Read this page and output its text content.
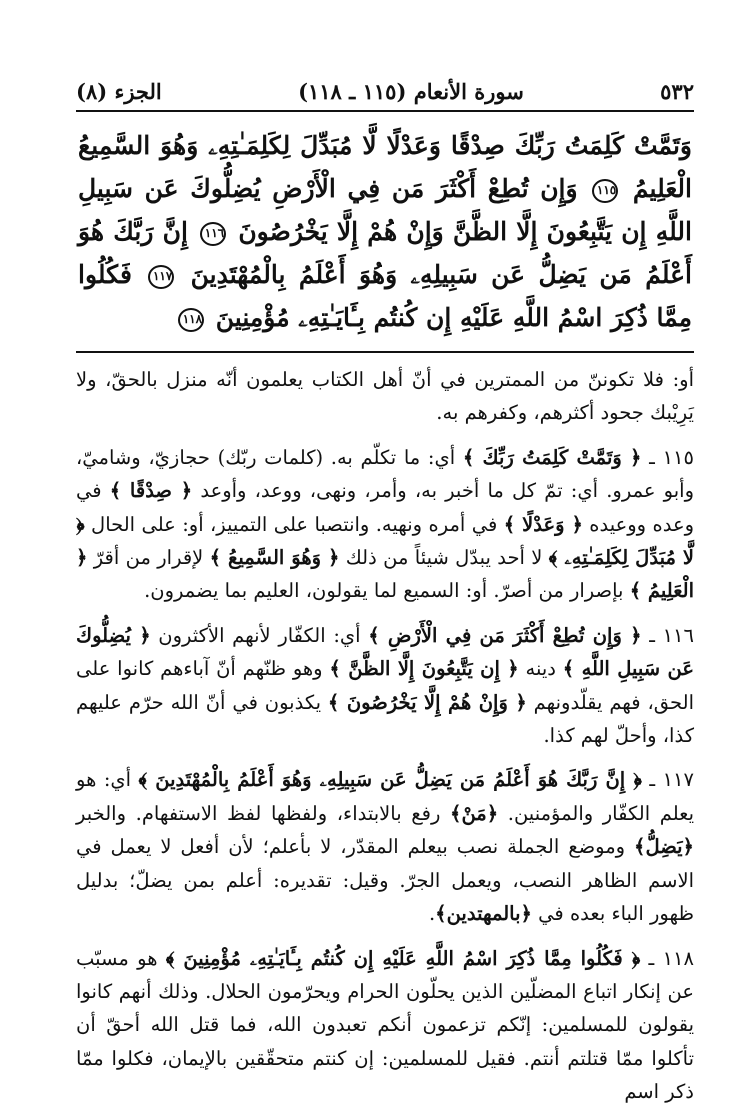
٥٣٢
سورة الأنعام (١١٥ ـ ١١٨)
الجزء (٨)
وَتَمَّتْ كَلِمَتُ رَبِّكَ صِدْقًا وَعَدْلًا لَّا مُبَدِّلَ لِكَلِمَـٰتِهِۦ وَهُوَ السَّمِيعُ الْعَلِيمُ ١١٥ وَإِن تُطِعْ أَكْثَرَ مَن فِي الْأَرْضِ يُضِلُّوكَ عَن سَبِيلِ اللَّهِ إِن يَتَّبِعُونَ إِلَّا الظَّنَّ وَإِنْ هُمْ إِلَّا يَخْرُصُونَ ١١٦ إِنَّ رَبَّكَ هُوَ أَعْلَمُ مَن يَضِلُّ عَن سَبِيلِهِۦ وَهُوَ أَعْلَمُ بِالْمُهْتَدِينَ ١١٧ فَكُلُوا مِمَّا ذُكِرَ اسْمُ اللَّهِ عَلَيْهِ إِن كُنتُم بِـَٔايَـٰتِهِۦ مُؤْمِنِينَ ١١٨

أو: فلا تكوننّ من الممترين في أنّ أهل الكتاب يعلمون أنّه منزل بالحقّ، ولا يَرِيْبك جحود أكثرهم، وكفرهم به.

١١٥ ـ ﴿ وَتَمَّتْ كَلِمَتُ رَبِّكَ ﴾ أي: ما تكلّم به. (كلمات ربّك) حجازيّ، وشاميّ، وأبو عمرو. أي: تمّ كل ما أخبر به، وأمر، ونهى، ووعد، وأوعد ﴿ صِدْقًا ﴾ في وعده ووعيده ﴿ وَعَدْلًا ﴾ في أمره ونهيه. وانتصبا على التمييز، أو: على الحال ﴿ لَّا مُبَدِّلَ لِكَلِمَـٰتِهِۦ ﴾ لا أحد يبدّل شيئاً من ذلك ﴿ وَهُوَ السَّمِيعُ ﴾ لإقرار من أقرّ ﴿ الْعَلِيمُ ﴾ بإصرار من أصرّ. أو: السميع لما يقولون، العليم بما يضمرون.

١١٦ ـ ﴿ وَإِن تُطِعْ أَكْثَرَ مَن فِي الْأَرْضِ ﴾ أي: الكفّار لأنهم الأكثرون ﴿ يُضِلُّوكَ عَن سَبِيلِ اللَّهِ ﴾ دينه ﴿ إِن يَتَّبِعُونَ إِلَّا الظَّنَّ ﴾ وهو ظنّهم أنّ آباءهم كانوا على الحق، فهم يقلّدونهم ﴿ وَإِنْ هُمْ إِلَّا يَخْرُصُونَ ﴾ يكذبون في أنّ الله حرّم عليهم كذا، وأحلّ لهم كذا.

١١٧ ـ ﴿ إِنَّ رَبَّكَ هُوَ أَعْلَمُ مَن يَضِلُّ عَن سَبِيلِهِۦ وَهُوَ أَعْلَمُ بِالْمُهْتَدِينَ ﴾ أي: هو يعلم الكفّار والمؤمنين. ﴿مَنْ﴾ رفع بالابتداء، ولفظها لفظ الاستفهام. والخبر ﴿يَضِلُّ﴾ وموضع الجملة نصب بيعلم المقدّر، لا بأعلم؛ لأن أفعل لا يعمل في الاسم الظاهر النصب، ويعمل الجرّ. وقيل: تقديره: أعلم بمن يضلّ؛ بدليل ظهور الباء بعده في ﴿بالمهتدين﴾.

١١٨ ـ ﴿ فَكُلُوا مِمَّا ذُكِرَ اسْمُ اللَّهِ عَلَيْهِ إِن كُنتُم بِـَٔايَـٰتِهِۦ مُؤْمِنِينَ ﴾ هو مسبّب عن إنكار اتباع المضلّين الذين يحلّون الحرام ويحرّمون الحلال. وذلك أنهم كانوا يقولون للمسلمين: إنّكم تزعمون أنكم تعبدون الله، فما قتل الله أحقّ أن تأكلوا ممّا قتلتم أنتم. فقيل للمسلمين: إن كنتم متحقّقين بالإيمان، فكلوا ممّا ذكر اسم
